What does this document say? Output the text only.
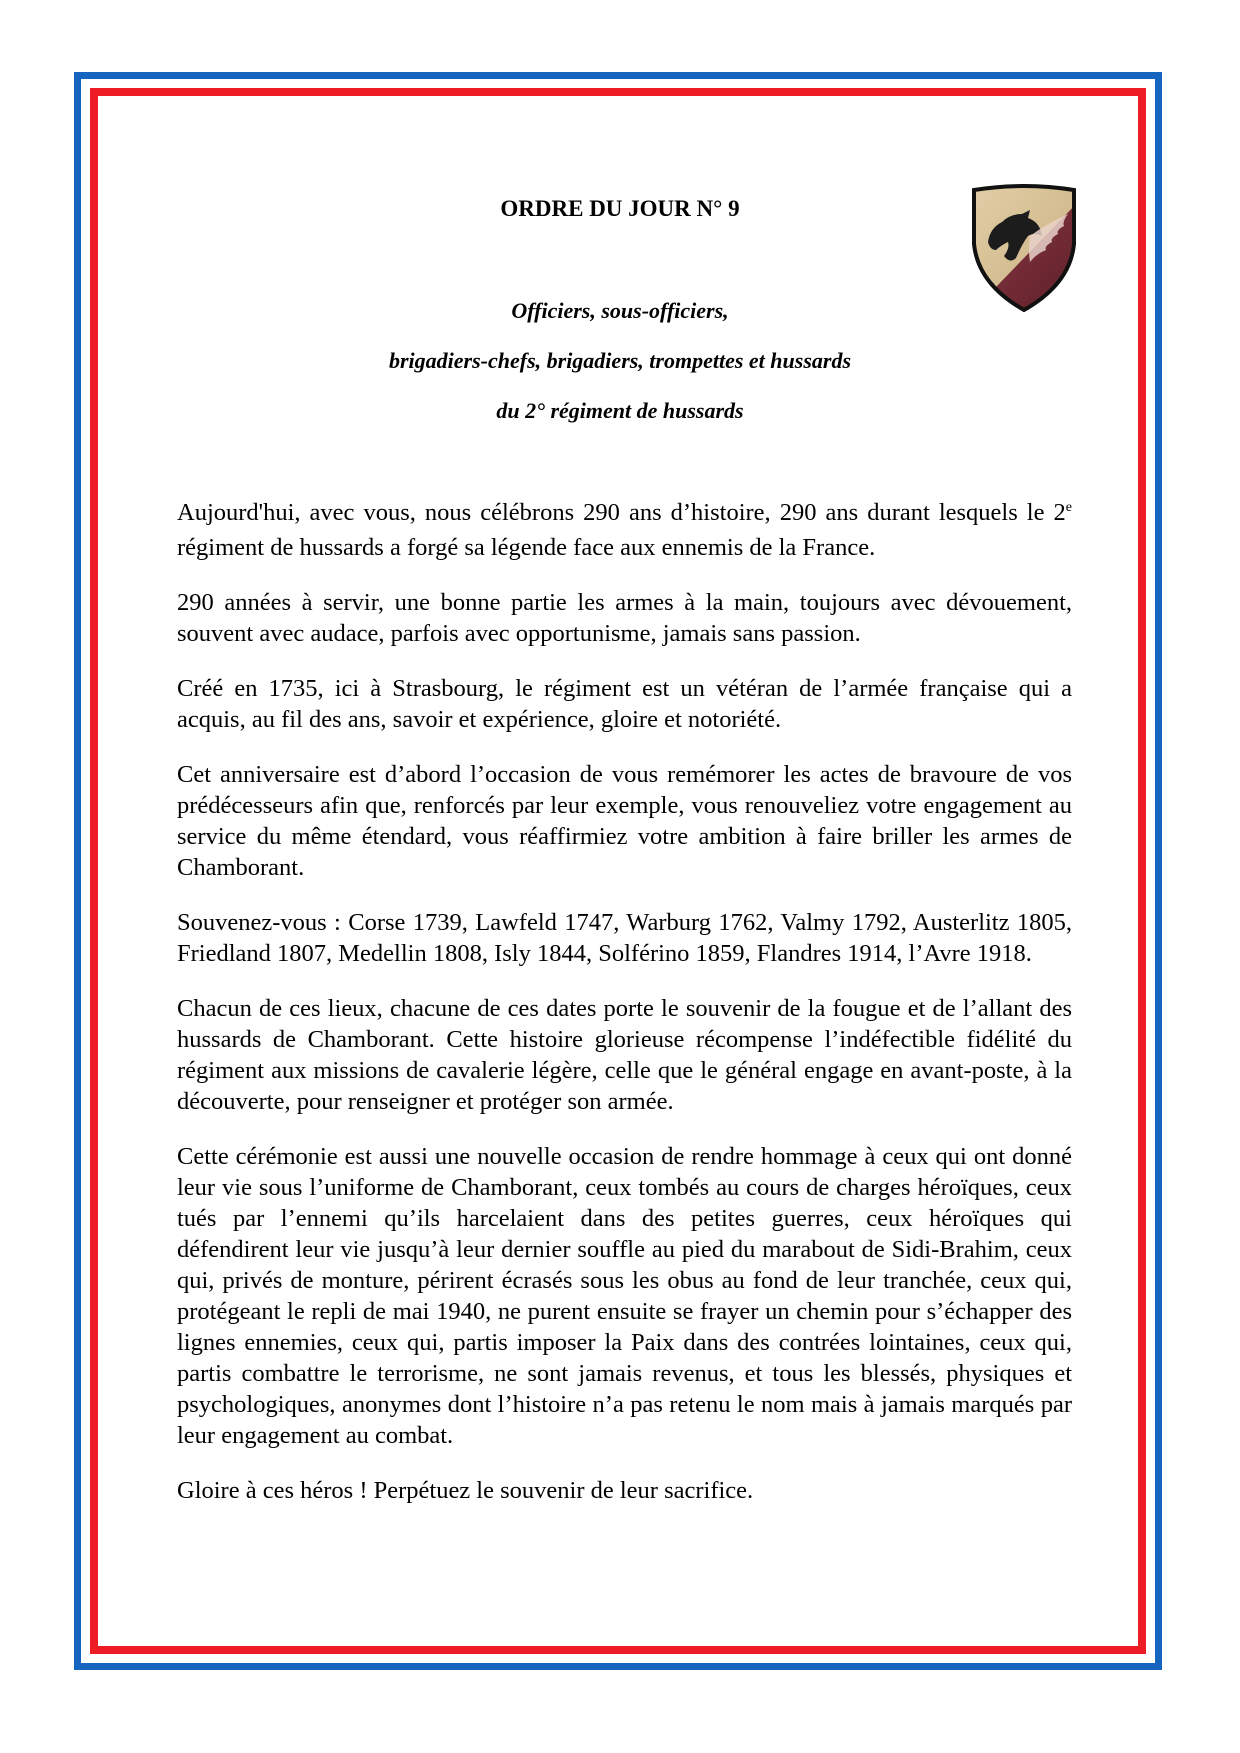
ORDRE DU JOUR N° 9

Officiers, sous-officiers,

brigadiers-chefs, brigadiers, trompettes et hussards

du 2° régiment de hussards

Aujourd'hui, avec vous, nous célébrons 290 ans d’histoire, 290 ans durant lesquels le 2e régiment de hussards a forgé sa légende face aux ennemis de la France.

290 années à servir, une bonne partie les armes à la main, toujours avec dévouement, souvent avec audace, parfois avec opportunisme, jamais sans passion.

Créé en 1735, ici à Strasbourg, le régiment est un vétéran de l’armée française qui a acquis, au fil des ans, savoir et expérience, gloire et notoriété.

Cet anniversaire est d’abord l’occasion de vous remémorer les actes de bravoure de vos prédécesseurs afin que, renforcés par leur exemple, vous renouveliez votre engagement au service du même étendard, vous réaffirmiez votre ambition à faire briller les armes de Chamborant.

Souvenez-vous : Corse 1739, Lawfeld 1747, Warburg 1762, Valmy 1792, Austerlitz 1805, Friedland 1807, Medellin 1808, Isly 1844, Solférino 1859, Flandres 1914, l’Avre 1918.

Chacun de ces lieux, chacune de ces dates porte le souvenir de la fougue et de l’allant des hussards de Chamborant. Cette histoire glorieuse récompense l’indéfectible fidélité du régiment aux missions de cavalerie légère, celle que le général engage en avant-poste, à la découverte, pour renseigner et protéger son armée.

Cette cérémonie est aussi une nouvelle occasion de rendre hommage à ceux qui ont donné leur vie sous l’uniforme de Chamborant, ceux tombés au cours de charges héroïques, ceux tués par l’ennemi qu’ils harcelaient dans des petites guerres, ceux héroïques qui défendirent leur vie jusqu’à leur dernier souffle au pied du marabout de Sidi-Brahim, ceux qui, privés de monture, périrent écrasés sous les obus au fond de leur tranchée, ceux qui, protégeant le repli de mai 1940, ne purent ensuite se frayer un chemin pour s’échapper des lignes ennemies, ceux qui, partis imposer la Paix dans des contrées lointaines, ceux qui, partis combattre le terrorisme, ne sont jamais revenus, et tous les blessés, physiques et psychologiques, anonymes dont l’histoire n’a pas retenu le nom mais à jamais marqués par leur engagement au combat.

Gloire à ces héros ! Perpétuez le souvenir de leur sacrifice.
